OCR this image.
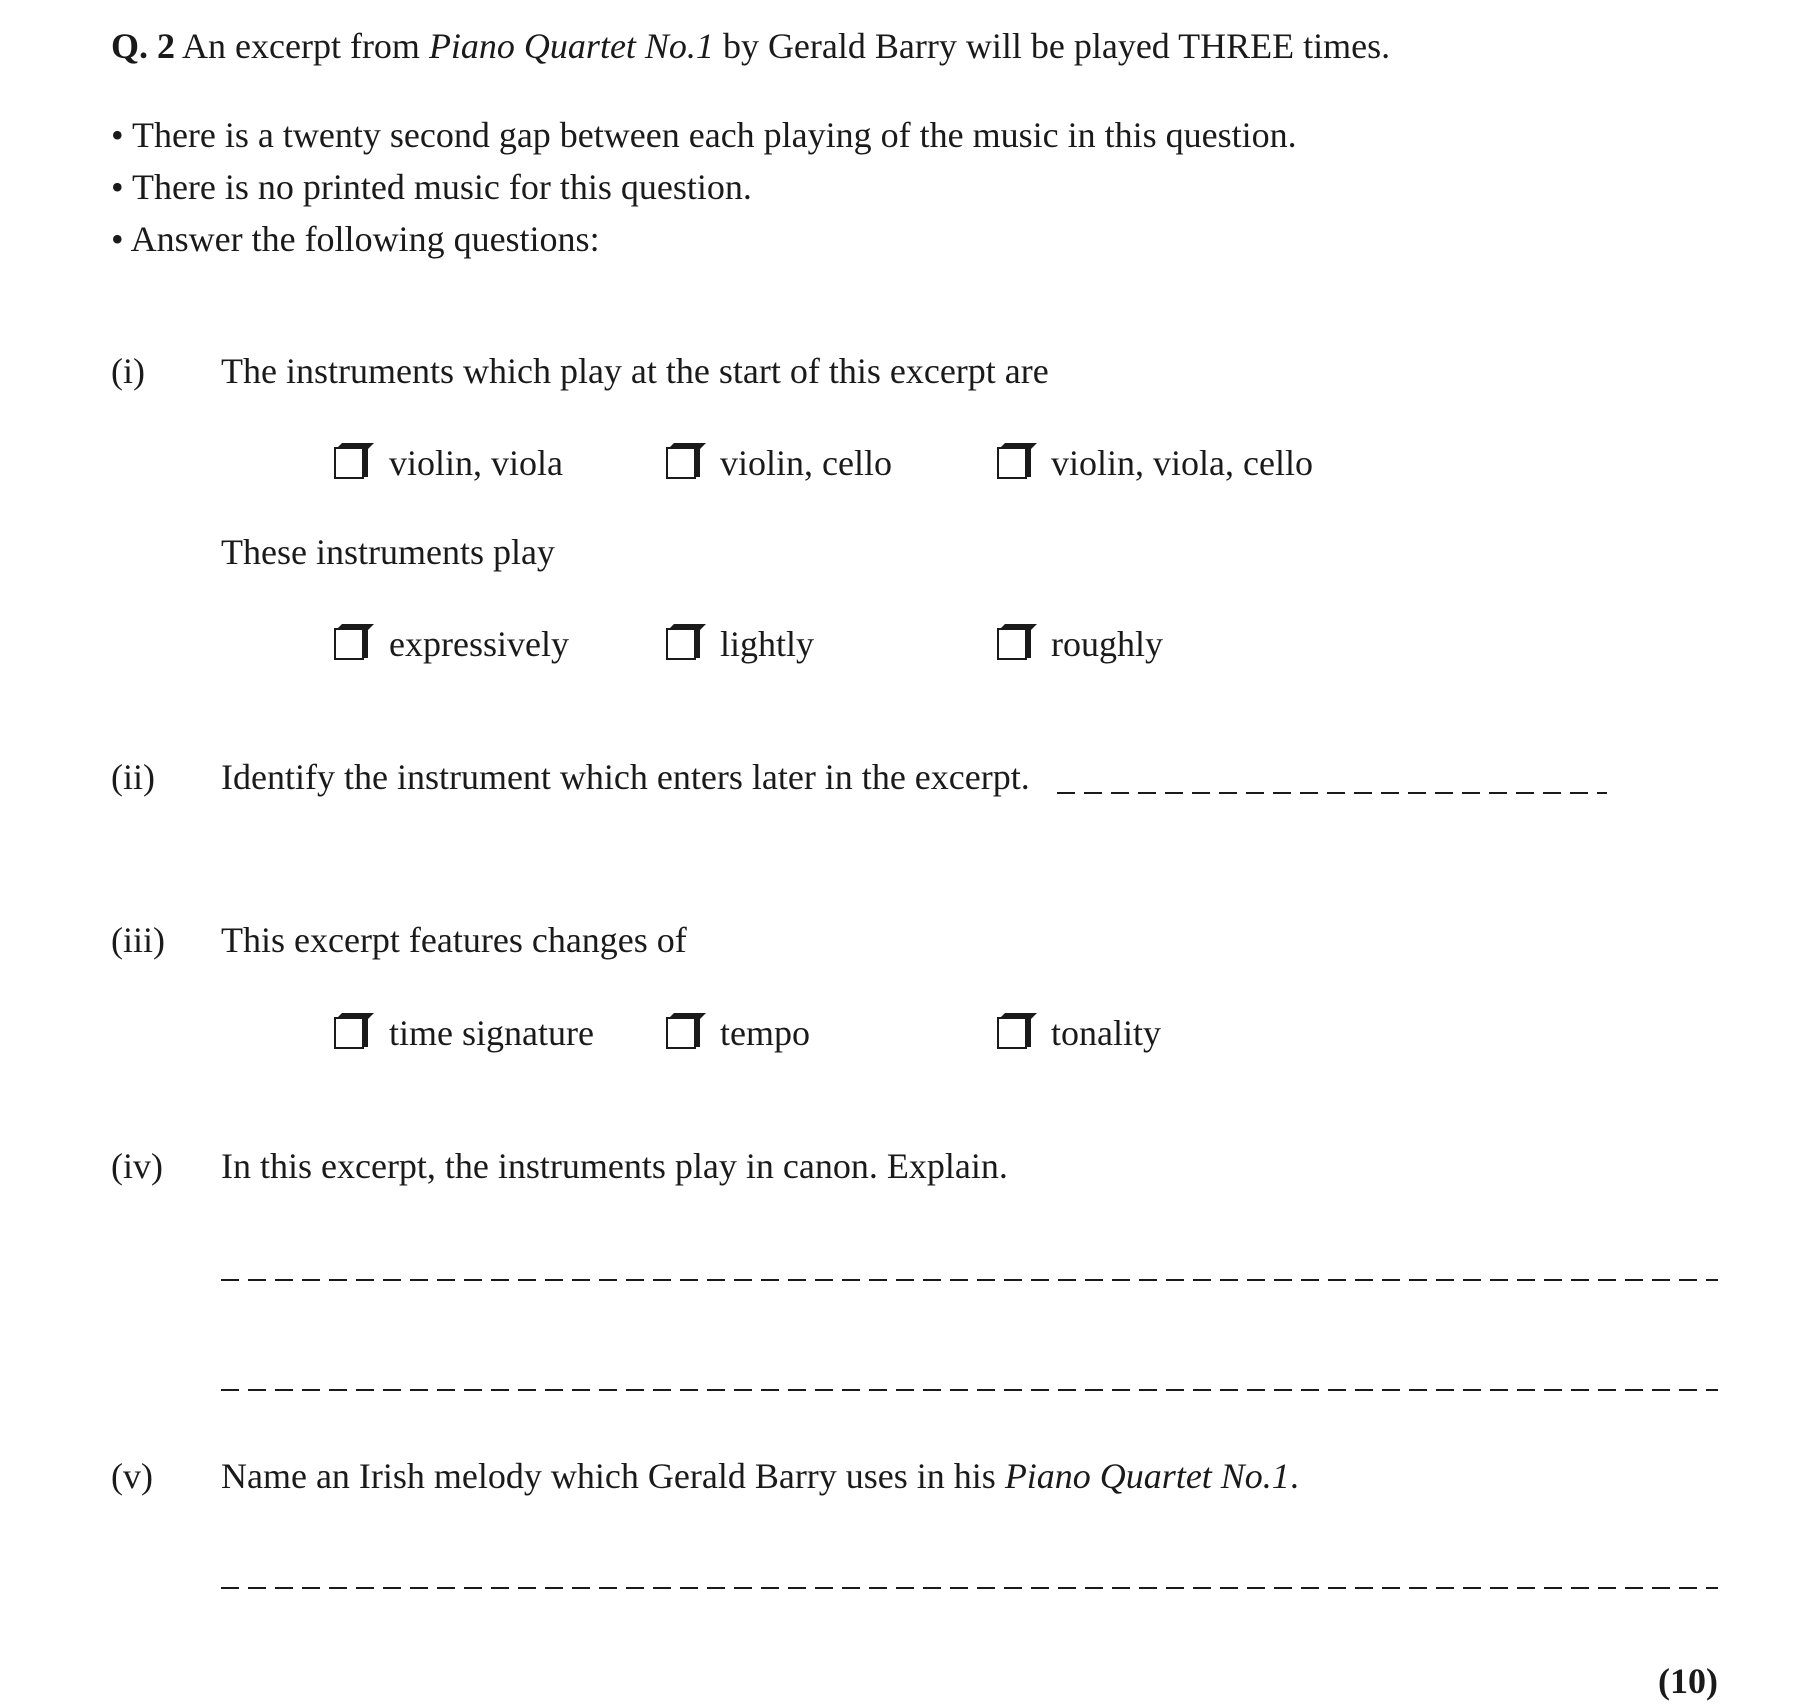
Q. 2 An excerpt from Piano Quartet No.1 by Gerald Barry will be played THREE times.
• There is a twenty second gap between each playing of the music in this question.
• There is no printed music for this question.
• Answer the following questions:
(i) The instruments which play at the start of this excerpt are
violin, viola	violin, cello	violin, viola, cello
These instruments play
expressively	lightly	roughly
(ii) Identify the instrument which enters later in the excerpt.
(iii) This excerpt features changes of
time signature	tempo	tonality
(iv) In this excerpt, the instruments play in canon. Explain.
(v) Name an Irish melody which Gerald Barry uses in his Piano Quartet No.1.
(10)
